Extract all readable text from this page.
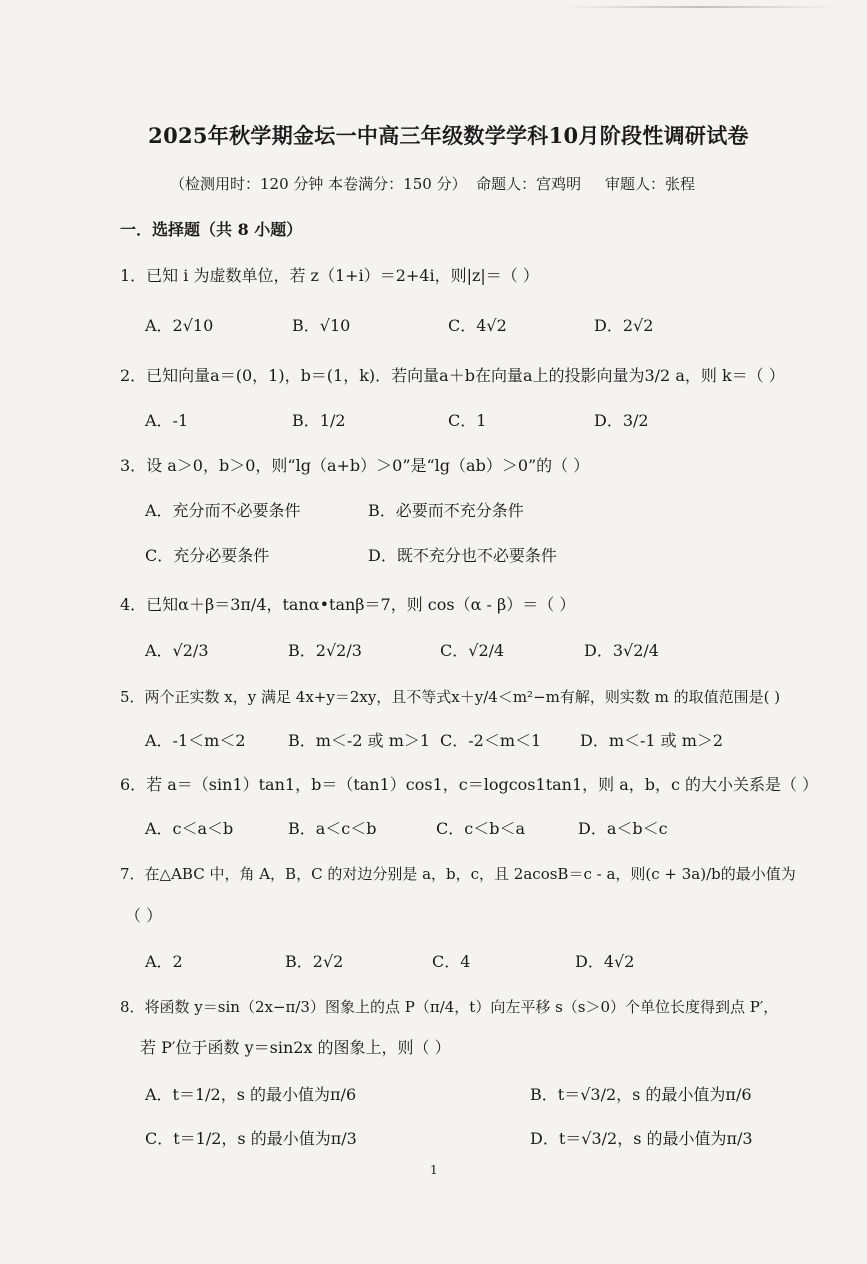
2025年秋学期金坛一中高三年级数学学科10月阶段性调研试卷
（检测用时：120 分钟 本卷满分：150 分）  命题人：宫鸡明     审题人：张程
一．选择题（共 8 小题）
1．已知 i 为虚数单位，若 z（1+i）＝2+4i，则|z|＝（ ）
A．2√10	B．√10	C．4√2	D．2√2
2．已知向量a＝(0，1)，b＝(1，k)．若向量a＋b在向量a上的投影向量为3/2 a，则 k＝（ ）
A．-1	B．1/2	C．1	D．3/2
3．设 a＞0，b＞0，则“lg（a+b）＞0”是“lg（ab）＞0”的（ ）
A．充分而不必要条件	B．必要而不充分条件
C．充分必要条件	D．既不充分也不必要条件
4．已知α＋β＝3π/4，tanα•tanβ＝7，则 cos（α - β）＝（ ）
A．√2/3	B．2√2/3	C．√2/4	D．3√2/4
5．两个正实数 x，y 满足 4x+y＝2xy，且不等式x＋y/4＜m²−m有解，则实数 m 的取值范围是( )
A．-1＜m＜2	B．m＜-2 或 m＞1 C．-2＜m＜1 D．m＜-1 或 m＞2
6．若 a＝（sin1）tan1，b＝（tan1）cos1，c＝logcos1tan1，则 a，b，c 的大小关系是（ ）
A．c＜a＜b	B．a＜c＜b	C．c＜b＜a	D．a＜b＜c
7．在△ABC 中，角 A，B，C 的对边分别是 a，b，c，且 2acosB＝c - a，则(c + 3a)/b的最小值为
（ ）
A．2	B．2√2	C．4	D．4√2
8．将函数 y＝sin（2x−π/3）图象上的点 P（π/4，t）向左平移 s（s＞0）个单位长度得到点 P′，
若 P′位于函数 y＝sin2x 的图象上，则（ ）
A．t＝1/2，s 的最小值为π/6	B．t＝√3/2，s 的最小值为π/6
C．t＝1/2，s 的最小值为π/3	D．t＝√3/2，s 的最小值为π/3
1
